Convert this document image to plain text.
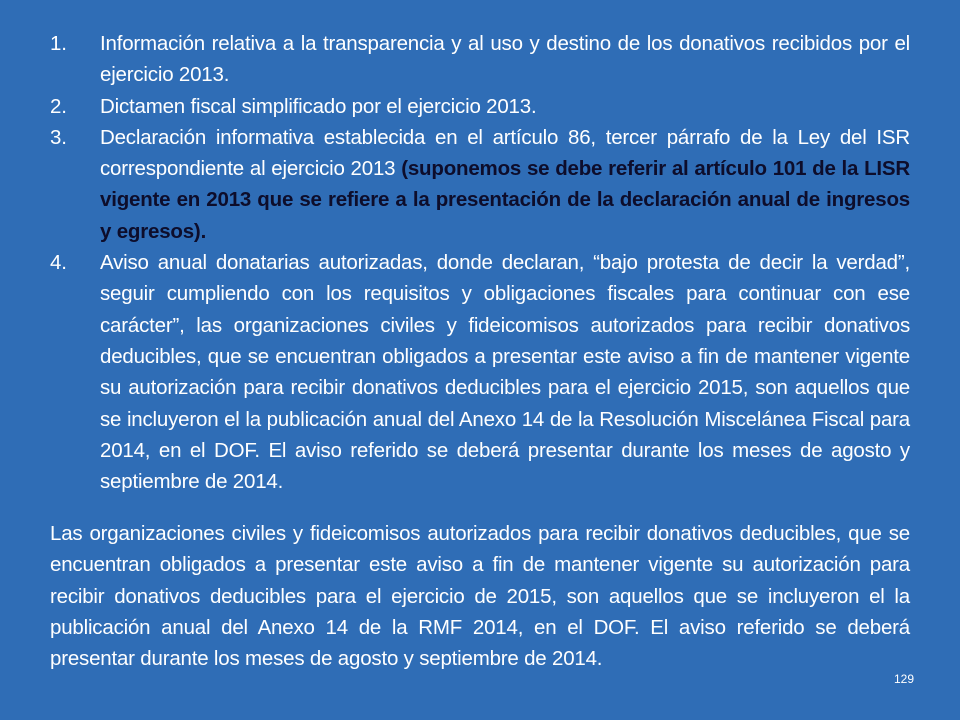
1. Información relativa a la transparencia y al uso y destino de los donativos recibidos por el ejercicio 2013.
2. Dictamen fiscal simplificado por el ejercicio 2013.
3. Declaración informativa establecida en el artículo 86, tercer párrafo de la Ley del ISR correspondiente al ejercicio 2013 (suponemos se debe referir al artículo 101 de la LISR vigente en 2013 que se refiere a la presentación de la declaración anual de ingresos y egresos).
4. Aviso anual donatarias autorizadas, donde declaran, “bajo protesta de decir la verdad”, seguir cumpliendo con los requisitos y obligaciones fiscales para continuar con ese carácter”, las organizaciones civiles y fideicomisos autorizados para recibir donativos deducibles, que se encuentran obligados a presentar este aviso a fin de mantener vigente su autorización para recibir donativos deducibles para el ejercicio 2015, son aquellos que se incluyeron el la publicación anual del Anexo 14 de la Resolución Miscelánea Fiscal para 2014, en el DOF. El aviso referido se deberá presentar durante los meses de agosto y septiembre de 2014.

Las organizaciones civiles y fideicomisos autorizados para recibir donativos deducibles, que se encuentran obligados a presentar este aviso a fin de mantener vigente su autorización para recibir donativos deducibles para el ejercicio de 2015, son aquellos que se incluyeron el la publicación anual del Anexo 14 de la RMF 2014, en el DOF. El aviso referido se deberá presentar durante los meses de agosto y septiembre de 2014.

129
